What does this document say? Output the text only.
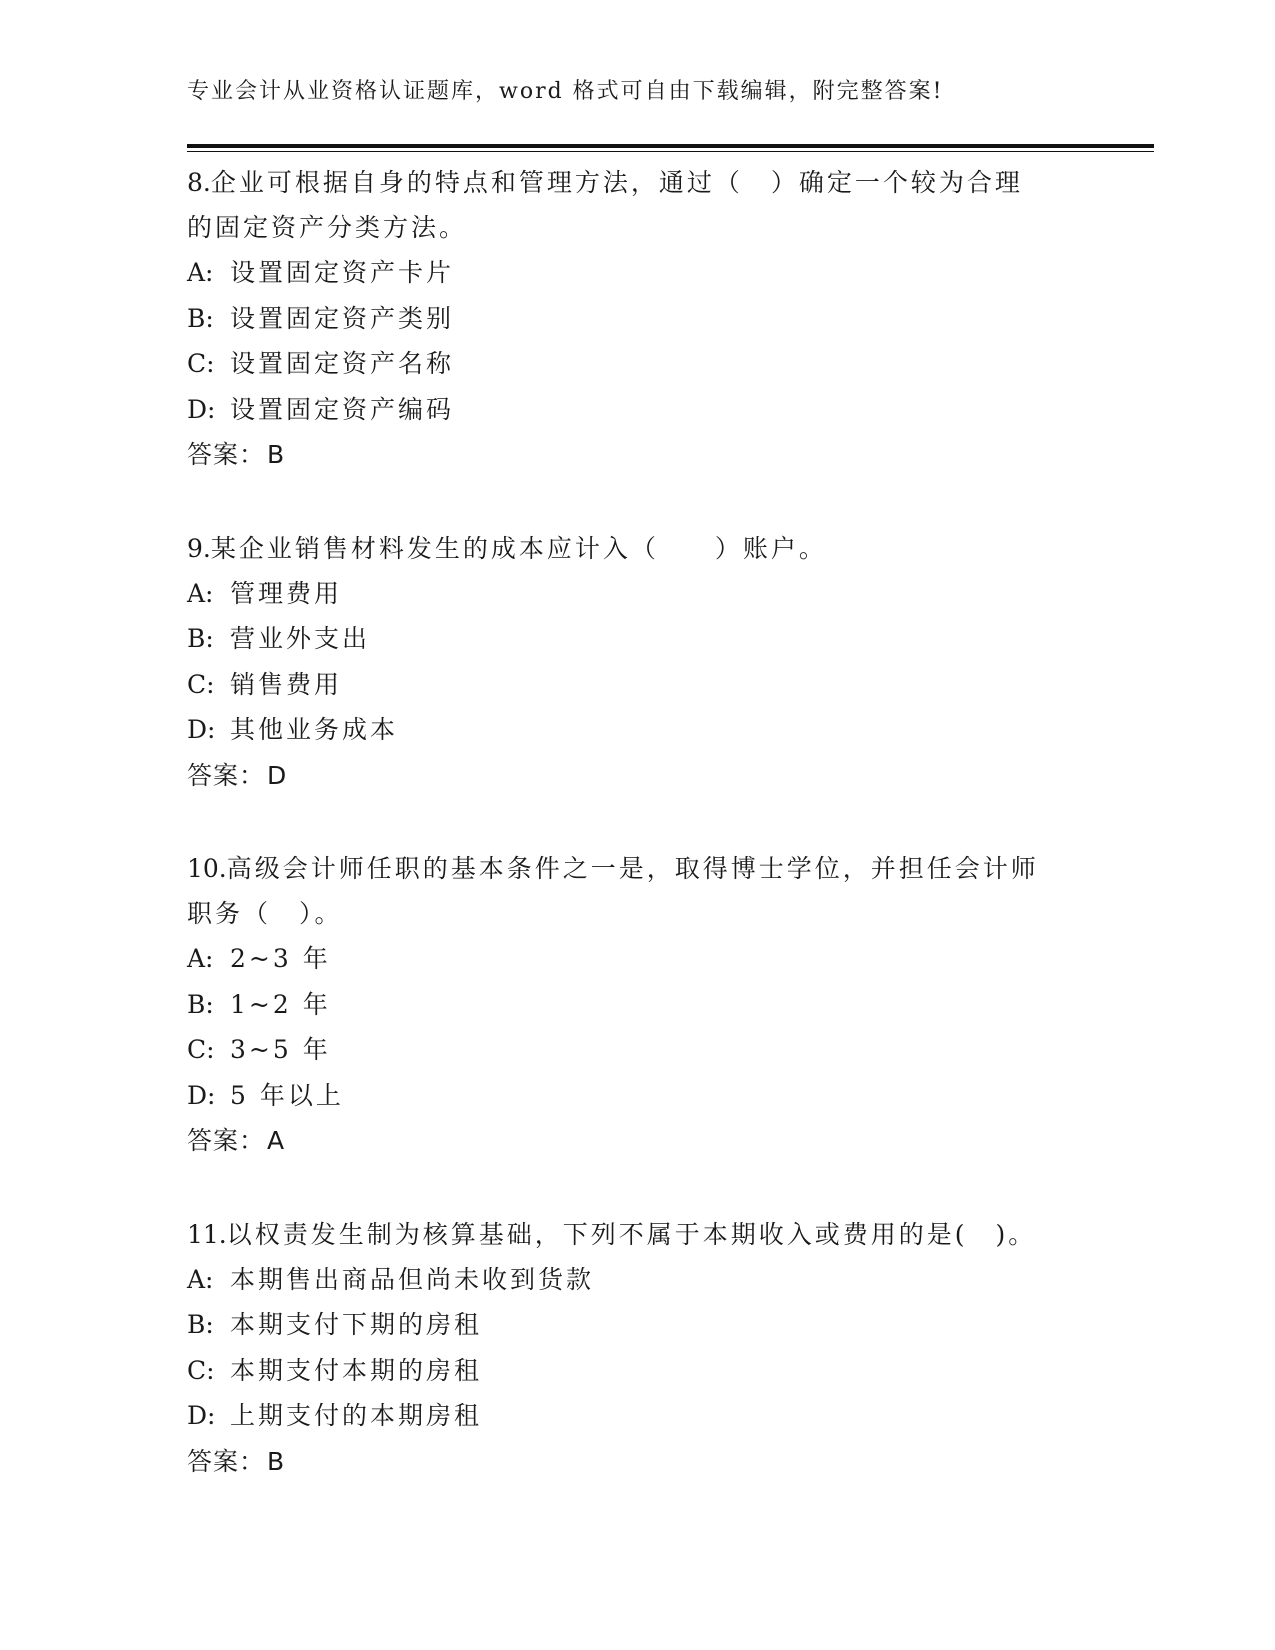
专业会计从业资格认证题库，word 格式可自由下载编辑，附完整答案!

8.企业可根据自身的特点和管理方法，通过（　）确定一个较为合理的固定资产分类方法。

A: 设置固定资产卡片
B: 设置固定资产类别
C: 设置固定资产名称
D: 设置固定资产编码
答案：B

9.某企业销售材料发生的成本应计入（　　）账户。

A: 管理费用
B: 营业外支出
C: 销售费用
D: 其他业务成本
答案：D

10.高级会计师任职的基本条件之一是，取得博士学位，并担任会计师职务（　）。

A: 2~3 年
B: 1~2 年
C: 3~5 年
D: 5 年以上
答案：A

11.以权责发生制为核算基础，下列不属于本期收入或费用的是(　)。

A: 本期售出商品但尚未收到货款
B: 本期支付下期的房租
C: 本期支付本期的房租
D: 上期支付的本期房租
答案：B
